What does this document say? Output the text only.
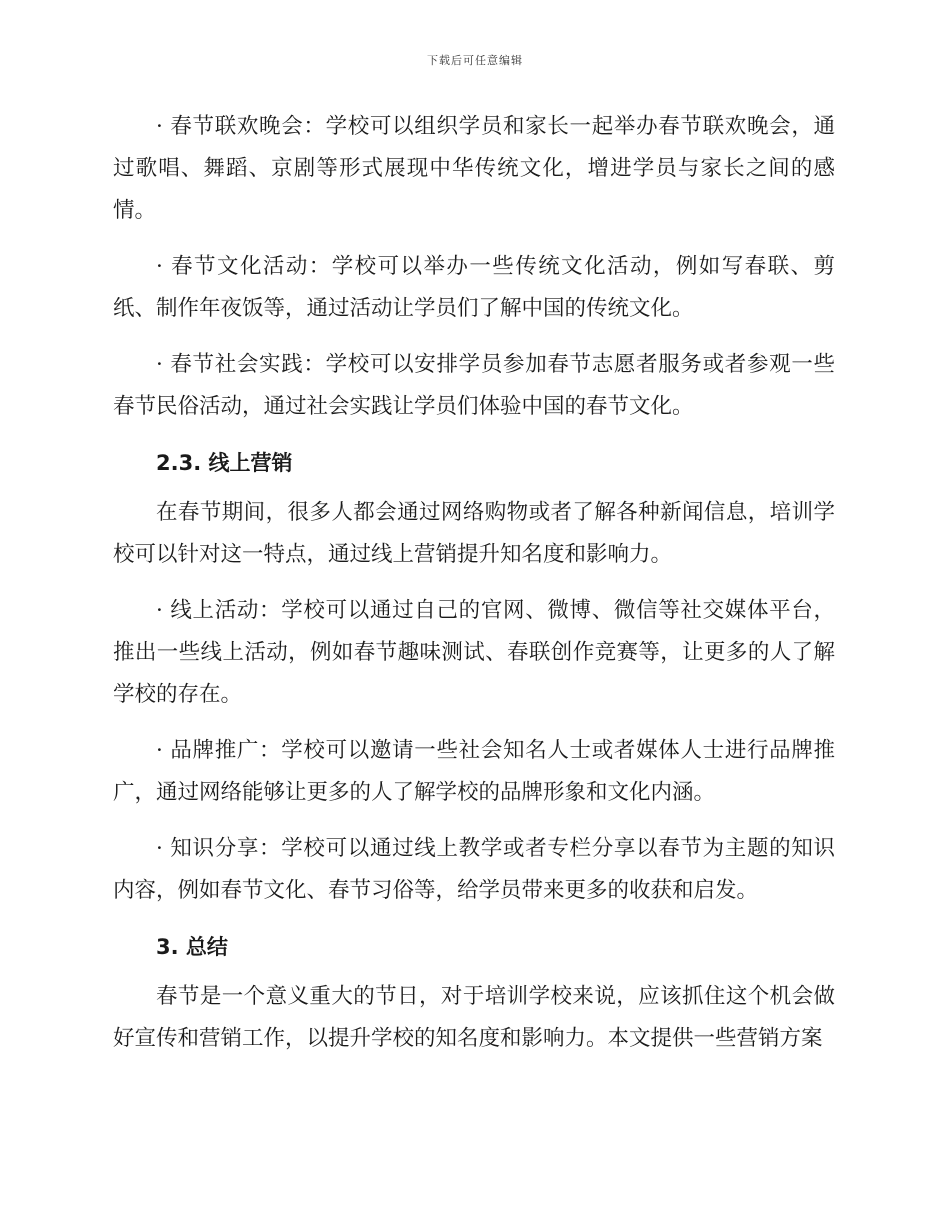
下载后可任意编辑

· 春节联欢晚会：学校可以组织学员和家长一起举办春节联欢晚会，通过歌唱、舞蹈、京剧等形式展现中华传统文化，增进学员与家长之间的感情。

· 春节文化活动：学校可以举办一些传统文化活动，例如写春联、剪纸、制作年夜饭等，通过活动让学员们了解中国的传统文化。

· 春节社会实践：学校可以安排学员参加春节志愿者服务或者参观一些春节民俗活动，通过社会实践让学员们体验中国的春节文化。

2.3. 线上营销

在春节期间，很多人都会通过网络购物或者了解各种新闻信息，培训学校可以针对这一特点，通过线上营销提升知名度和影响力。

· 线上活动：学校可以通过自己的官网、微博、微信等社交媒体平台，推出一些线上活动，例如春节趣味测试、春联创作竞赛等，让更多的人了解学校的存在。

· 品牌推广：学校可以邀请一些社会知名人士或者媒体人士进行品牌推广，通过网络能够让更多的人了解学校的品牌形象和文化内涵。

· 知识分享：学校可以通过线上教学或者专栏分享以春节为主题的知识内容，例如春节文化、春节习俗等，给学员带来更多的收获和启发。

3. 总结

春节是一个意义重大的节日，对于培训学校来说，应该抓住这个机会做好宣传和营销工作，以提升学校的知名度和影响力。本文提供一些营销方案
